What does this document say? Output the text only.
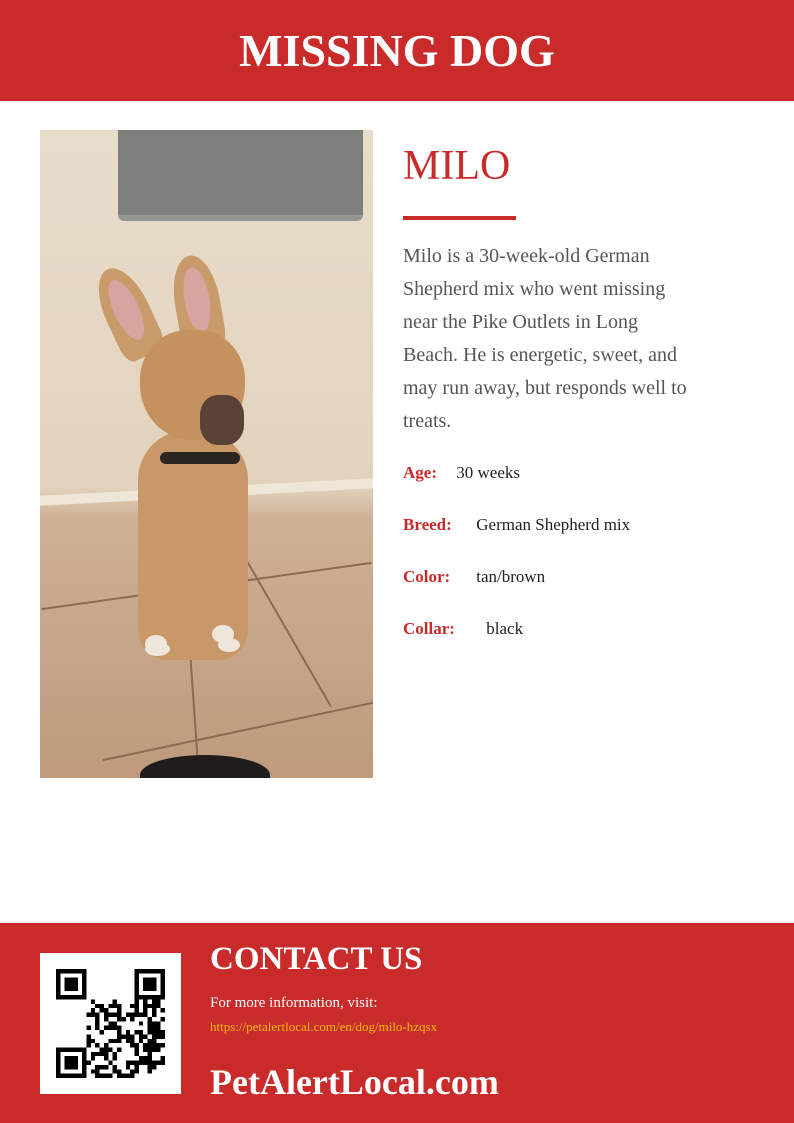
MISSING DOG
MILO

Milo is a 30-week-old German Shepherd mix who went missing near the Pike Outlets in Long Beach. He is energetic, sweet, and may run away, but responds well to treats.

Age: 30 weeks
Breed: German Shepherd mix
Color: tan/brown
Collar: black
CONTACT US
For more information, visit:
https://petalertlocal.com/en/dog/milo-hzqsx
PetAlertLocal.com
